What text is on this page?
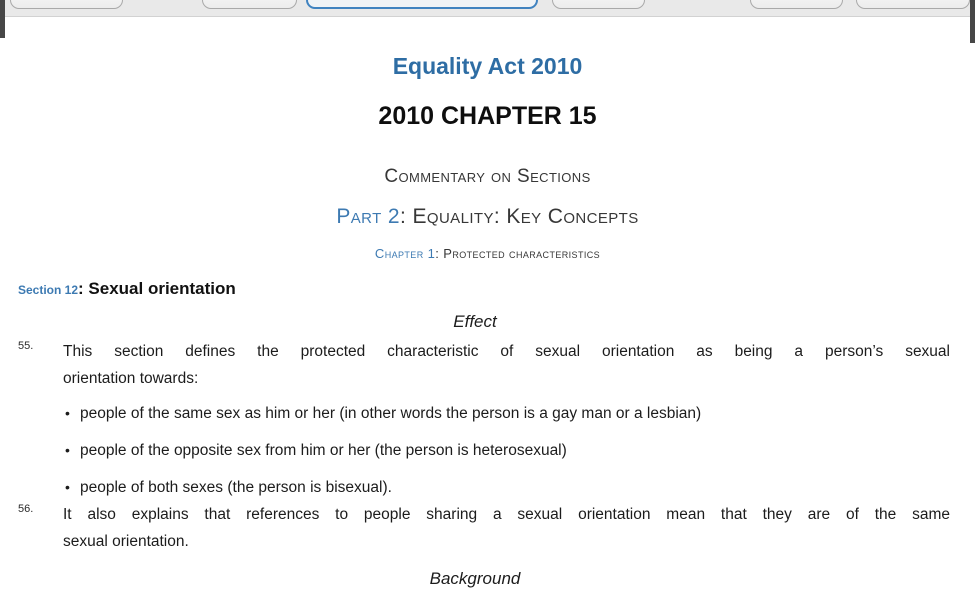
Equality Act 2010
2010 CHAPTER 15
Commentary on Sections
Part 2: Equality: Key Concepts
Chapter 1: Protected characteristics
Section 12: Sexual orientation
Effect
55. This section defines the protected characteristic of sexual orientation as being a person’s sexual
orientation towards:
• people of the same sex as him or her (in other words the person is a gay man or a lesbian)
• people of the opposite sex from him or her (the person is heterosexual)
• people of both sexes (the person is bisexual).
56. It also explains that references to people sharing a sexual orientation mean that they are of the same
sexual orientation.
Background
